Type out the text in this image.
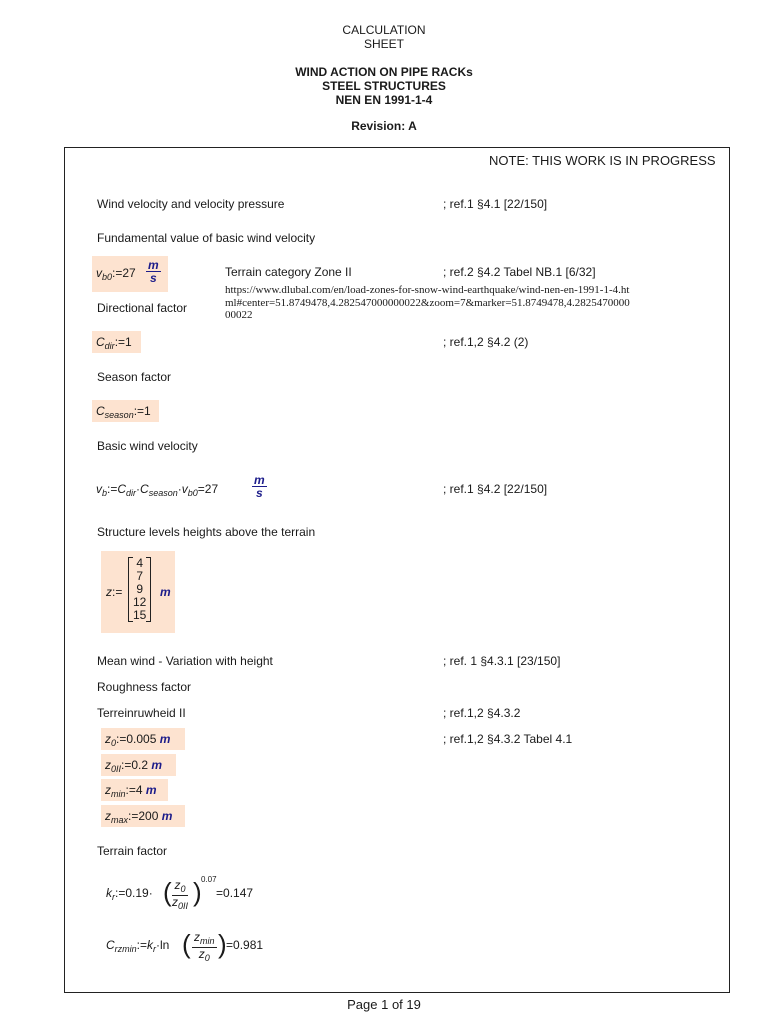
CALCULATION
SHEET
WIND ACTION ON PIPE RACKs
STEEL STRUCTURES
NEN EN 1991-1-4
Revision: A
NOTE: THIS WORK IS IN PROGRESS
Wind velocity and velocity pressure	; ref.1 §4.1 [22/150]
Fundamental value of basic wind velocity
$v_{b0}:=27 \frac{m}{s}$	Terrain category Zone II	; ref.2 §4.2 Tabel NB.1 [6/32]
https://www.dlubal.com/en/load-zones-for-snow-wind-earthquake/wind-nen-en-1991-1-4.html#center=51.8749478,4.282547000000022&zoom=7&marker=51.8749478,4.282547000000022
Directional factor
$C_{dir}:=1$	; ref.1,2 §4.2 (2)
Season factor
$C_{season}:=1$
Basic wind velocity
$v_b:=C_{dir}\cdot C_{season}\cdot v_{b0}=27$	$\frac{m}{s}$	; ref.1 §4.2 [22/150]
Structure levels heights above the terrain
z:=
4
7
9
12
15
m
Mean wind - Variation with height	; ref. 1 §4.3.1 [23/150]
Roughness factor
Terreinruwheid II	; ref.1,2 §4.3.2
$z_0:=0.005$ m	; ref.1,2 §4.3.2 Tabel 4.1
$z_{0II}:=0.2$ m
$z_{min}:=4$ m
$z_{max}:=200$ m
Terrain factor
$k_r:=0.19\cdot$ ( $\frac{z_0}{z_{0II}}$ ) 0.07
=0.147
$C_{rzmin}:=k_r\cdot\ln$ ( $z_{min}$
$z_0$ ) =0.981
Page 1 of 19
